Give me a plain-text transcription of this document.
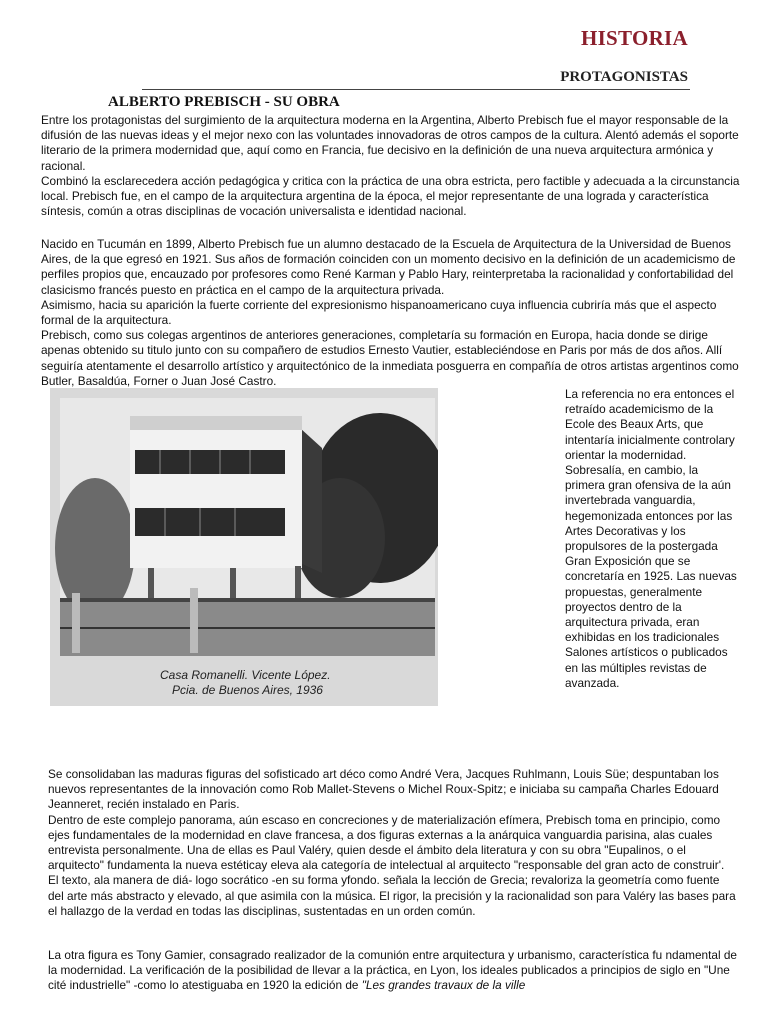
HISTORIA
PROTAGONISTAS
ALBERTO PREBISCH - SU OBRA

Entre los protagonistas del surgimiento de la arquitectura moderna en la Argentina, Alberto Prebisch fue el mayor responsable de la difusión de las nuevas ideas y el mejor nexo con las voluntades innovadoras de otros campos de la cultura. Alentó además el soporte literario de la primera modernidad que, aquí como en Francia, fue decisivo en la definición de una nueva arquitectura armónica y racional.
Combinó la esclarecedera acción pedagógica y critica con la práctica de una obra estricta, pero factible y adecuada a la circunstancia local. Prebisch fue, en el campo de la arquitectura argentina de la época, el mejor representante de una lograda y característica síntesis, común a otras disciplinas de vocación universalista e identidad nacional.

Nacido en Tucumán en 1899, Alberto Prebisch fue un alumno destacado de la Escuela de Arquitectura de la Universidad de Buenos Aires, de la que egresó en 1921. Sus años de formación coinciden con un momento decisivo en la definición de un academicismo de perfiles propios que, encauzado por profesores como René Karman y Pablo Hary, reinterpretaba la racionalidad y confortabilidad del clasicismo francés puesto en práctica en el campo de la arquitectura privada.
Asimismo, hacia su aparición la fuerte corriente del expresionismo hispanoamericano cuya influencia cubriría más que el aspecto formal de la arquitectura.
Prebisch, como sus colegas argentinos de anteriores generaciones, completaría su formación en Europa, hacia donde se dirige apenas obtenido su titulo junto con su compañero de estudios Ernesto Vautier, estableciéndose en Paris por más de dos años. Allí seguiría atentamente el desarrollo artístico y arquitectónico de la inmediata posguerra en compañía de otros artistas argentinos como Butler, Basaldúa, Forner o Juan José Castro.

Casa Romanelli. Vicente López.

Pcia. de Buenos Aires, 1936

La referencia no era entonces el retraído academicismo de la Ecole des Beaux Arts, que intentaría inicialmente controlary orientar la modernidad. Sobresalía, en cambio, la primera gran ofensiva de la aún invertebrada vanguardia, hegemonizada entonces por las Artes Decorativas y los propulsores de la postergada Gran Exposición que se concretaría en 1925. Las nuevas propuestas, generalmente proyectos dentro de la arquitectura privada, eran exhibidas en los tradicionales Salones artísticos o publicados en las múltiples revistas de avanzada.

Se consolidaban las maduras figuras del sofisticado art déco como André Vera, Jacques Ruhlmann, Louis Süe; despuntaban los nuevos representantes de la innovación como Rob Mallet-Stevens o Michel Roux-Spitz; e iniciaba su campaña Charles Edouard Jeanneret, recién instalado en Paris.
Dentro de este complejo panorama, aún escaso en concreciones y de materialización efímera, Prebisch toma en principio, como ejes fundamentales de la modernidad en clave francesa, a dos figuras externas a la anárquica vanguardia parisina, alas cuales entrevista personalmente. Una de ellas es Paul Valéry, quien desde el ámbito dela literatura y con su obra "Eupalinos, o el arquitecto" fundamenta la nueva estéticay eleva ala categoría de intelectual al arquitecto "responsable del gran acto de construir'. El texto, ala manera de diá- logo socrático -en su forma yfondo. señala la lección de Grecia; revaloriza la geometría como fuente del arte más abstracto y elevado, al que asimila con la música. El rigor, la precisión y la racionalidad son para Valéry las bases para el hallazgo de la verdad en todas las disciplinas, sustentadas en un orden común.

La otra figura es Tony Gamier, consagrado realizador de la comunión entre arquitectura y urbanismo, característica fu ndamental de la modernidad. La verificación de la posibilidad de llevar a la práctica, en Lyon, los ideales publicados a principios de siglo en "Une cité industrielle" -como lo atestiguaba en 1920 la edición de "Les grandes travaux de la ville
